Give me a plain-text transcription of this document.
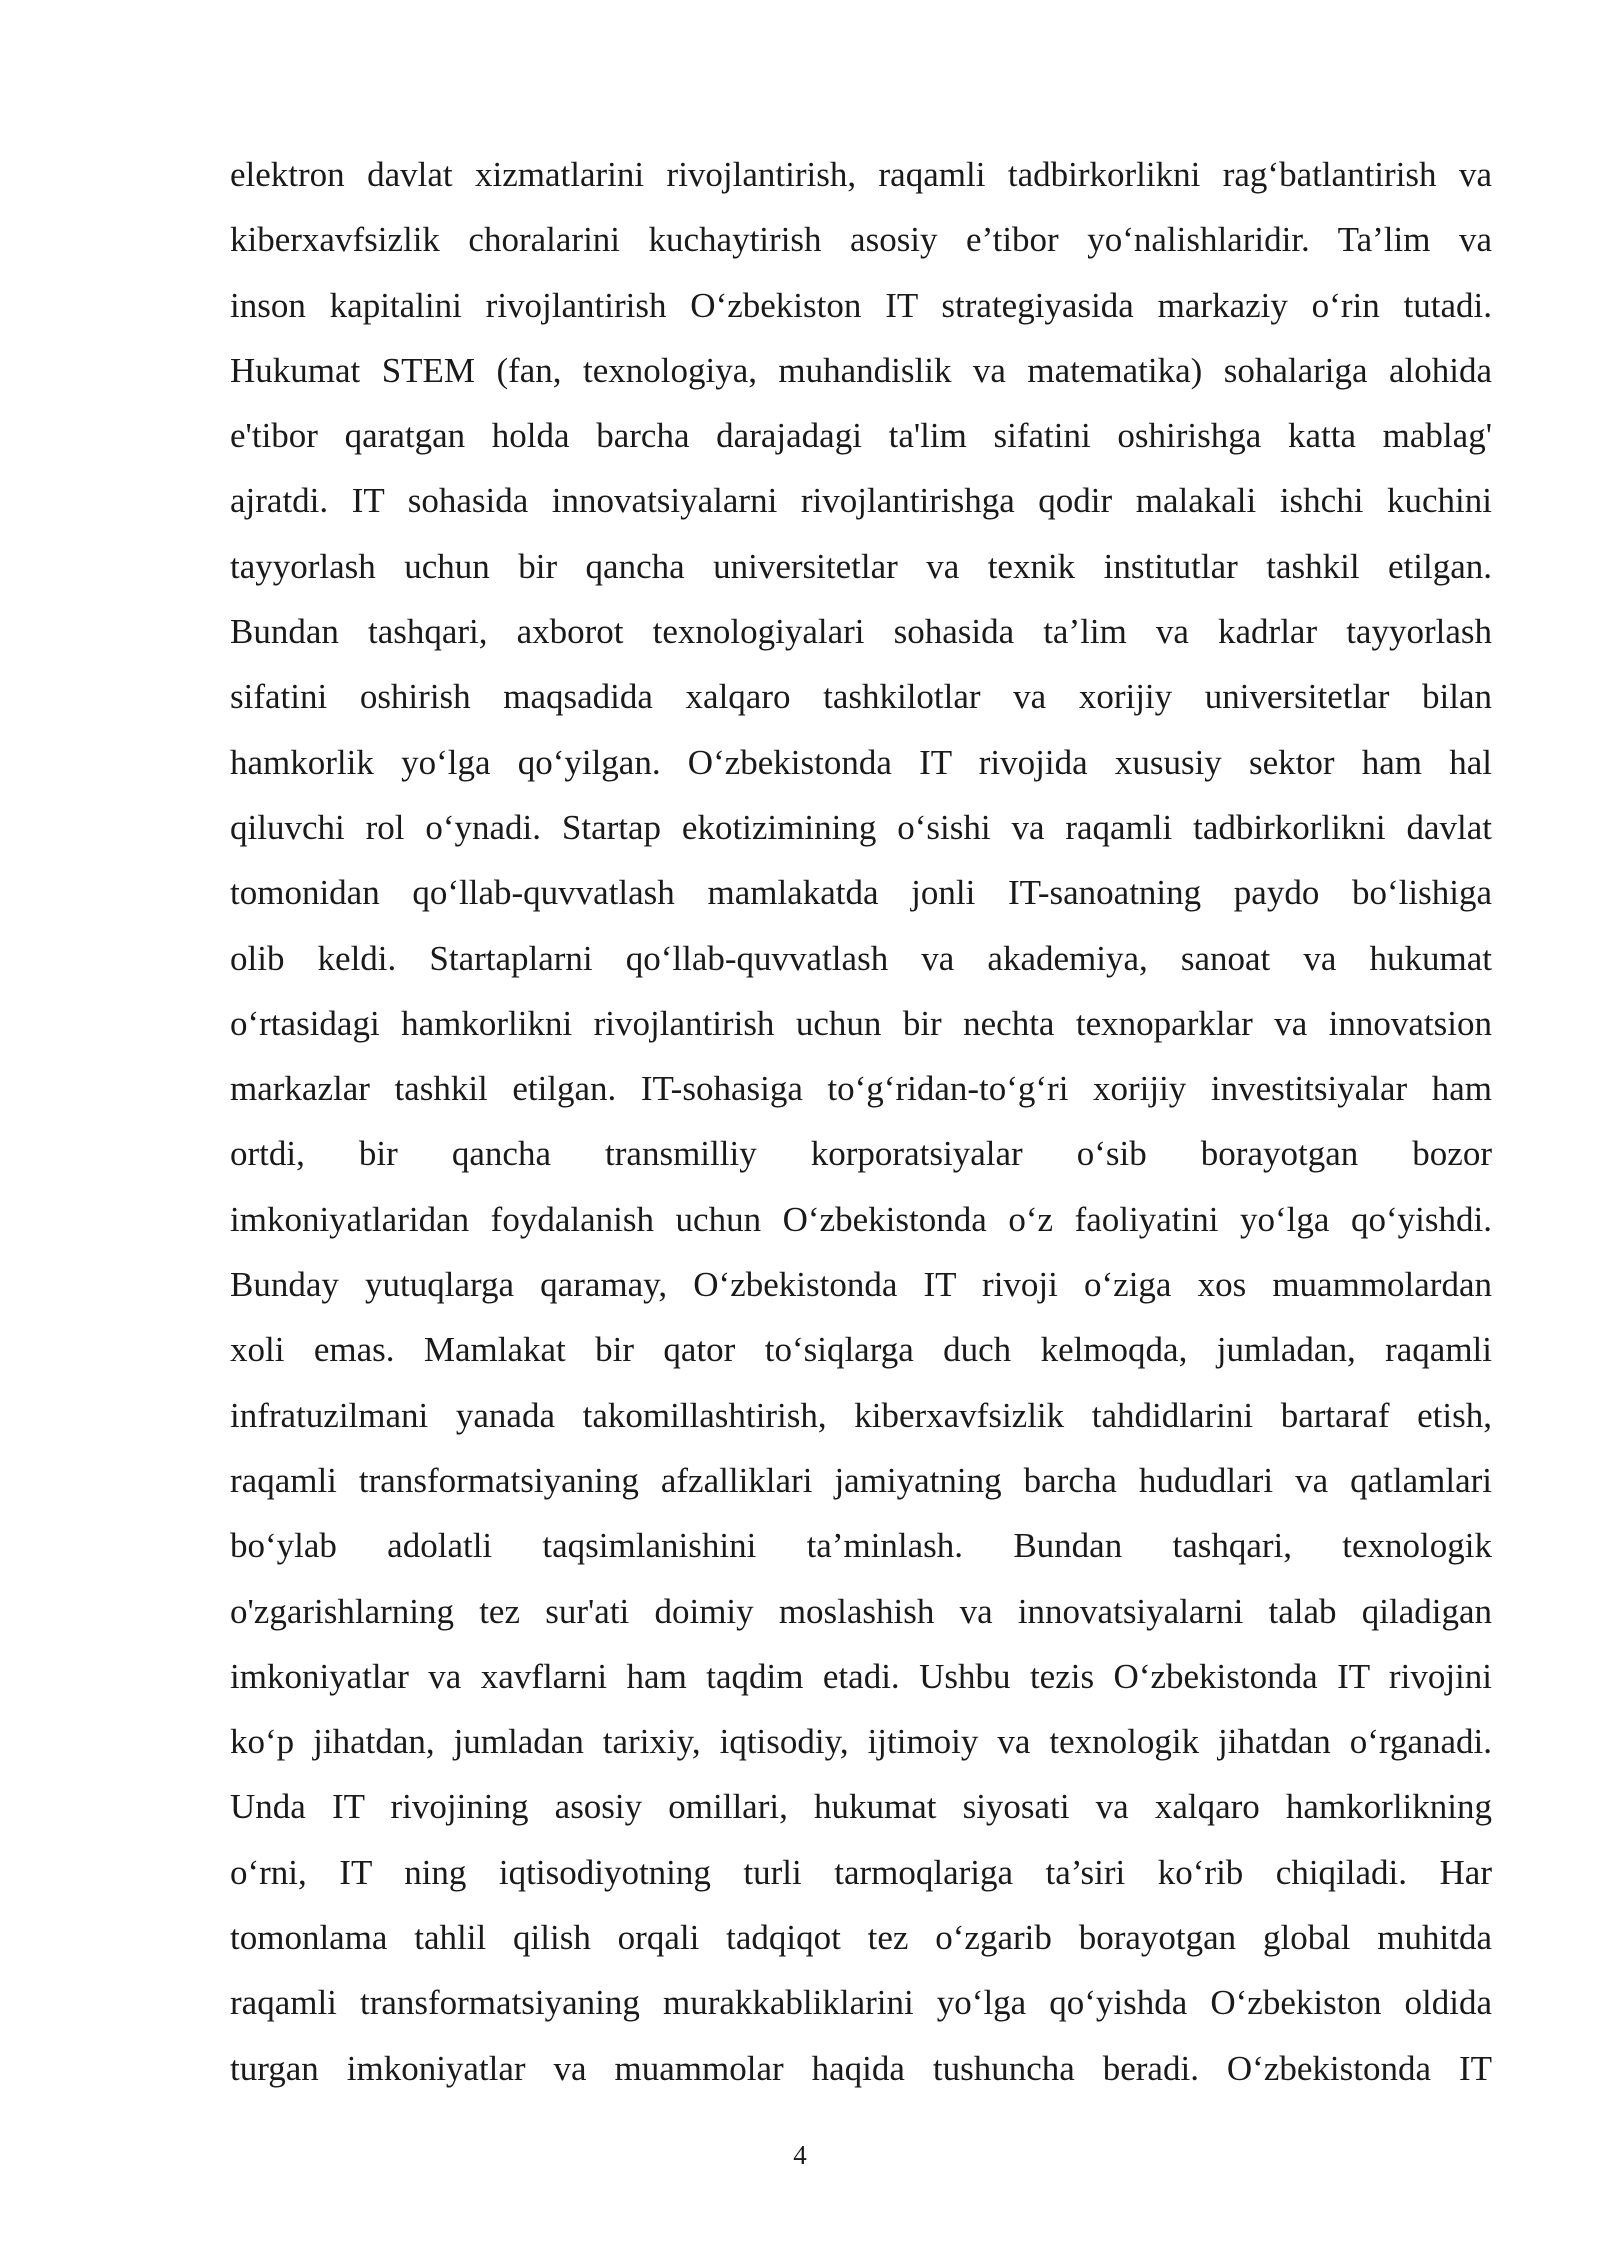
elektron davlat xizmatlarini rivojlantirish, raqamli tadbirkorlikni rag‘batlantirish va
kiberxavfsizlik choralarini kuchaytirish asosiy e’tibor yo‘nalishlaridir. Ta’lim va
inson kapitalini rivojlantirish O‘zbekiston IT strategiyasida markaziy o‘rin tutadi.
Hukumat STEM (fan, texnologiya, muhandislik va matematika) sohalariga alohida
e'tibor qaratgan holda barcha darajadagi ta'lim sifatini oshirishga katta mablag'
ajratdi. IT sohasida innovatsiyalarni rivojlantirishga qodir malakali ishchi kuchini
tayyorlash uchun bir qancha universitetlar va texnik institutlar tashkil etilgan.
Bundan tashqari, axborot texnologiyalari sohasida ta’lim va kadrlar tayyorlash
sifatini oshirish maqsadida xalqaro tashkilotlar va xorijiy universitetlar bilan
hamkorlik yo‘lga qo‘yilgan. O‘zbekistonda IT rivojida xususiy sektor ham hal
qiluvchi rol o‘ynadi. Startap ekotizimining o‘sishi va raqamli tadbirkorlikni davlat
tomonidan qo‘llab-quvvatlash mamlakatda jonli IT-sanoatning paydo bo‘lishiga
olib keldi. Startaplarni qo‘llab-quvvatlash va akademiya, sanoat va hukumat
o‘rtasidagi hamkorlikni rivojlantirish uchun bir nechta texnoparklar va innovatsion
markazlar tashkil etilgan. IT-sohasiga to‘g‘ridan-to‘g‘ri xorijiy investitsiyalar ham
ortdi, bir qancha transmilliy korporatsiyalar o‘sib borayotgan bozor
imkoniyatlaridan foydalanish uchun O‘zbekistonda o‘z faoliyatini yo‘lga qo‘yishdi.
Bunday yutuqlarga qaramay, O‘zbekistonda IT rivoji o‘ziga xos muammolardan
xoli emas. Mamlakat bir qator to‘siqlarga duch kelmoqda, jumladan, raqamli
infratuzilmani yanada takomillashtirish, kiberxavfsizlik tahdidlarini bartaraf etish,
raqamli transformatsiyaning afzalliklari jamiyatning barcha hududlari va qatlamlari
bo‘ylab adolatli taqsimlanishini ta’minlash. Bundan tashqari, texnologik
o'zgarishlarning tez sur'ati doimiy moslashish va innovatsiyalarni talab qiladigan
imkoniyatlar va xavflarni ham taqdim etadi. Ushbu tezis O‘zbekistonda IT rivojini
ko‘p jihatdan, jumladan tarixiy, iqtisodiy, ijtimoiy va texnologik jihatdan o‘rganadi.
Unda IT rivojining asosiy omillari, hukumat siyosati va xalqaro hamkorlikning
o‘rni, IT ning iqtisodiyotning turli tarmoqlariga ta’siri ko‘rib chiqiladi. Har
tomonlama tahlil qilish orqali tadqiqot tez o‘zgarib borayotgan global muhitda
raqamli transformatsiyaning murakkabliklarini yo‘lga qo‘yishda O‘zbekiston oldida
turgan imkoniyatlar va muammolar haqida tushuncha beradi. O‘zbekistonda IT
4
